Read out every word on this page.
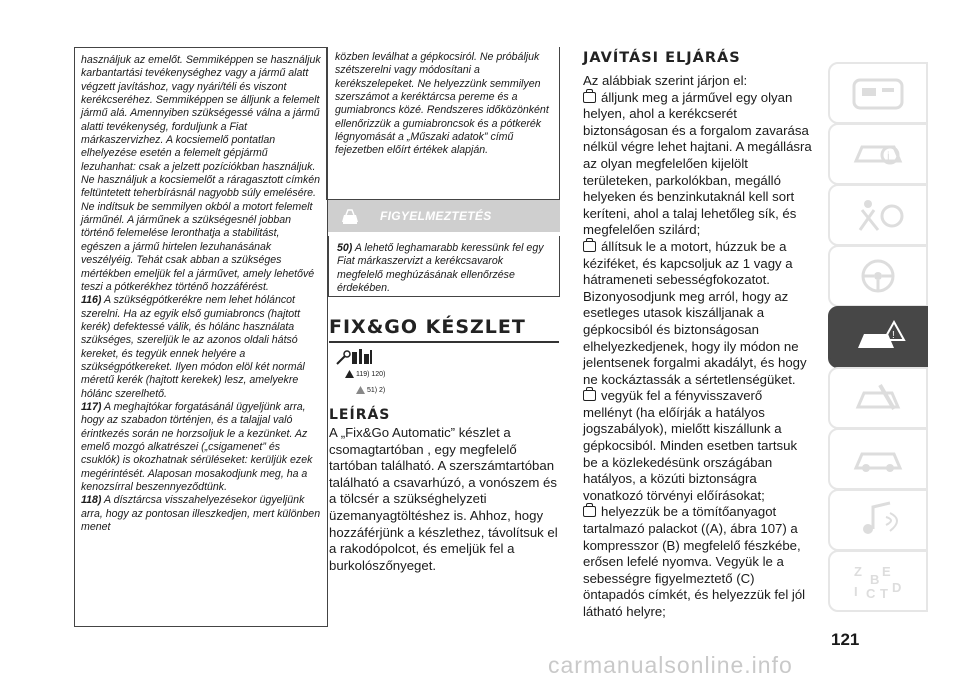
használjuk az emelőt. Semmiképpen se használjuk karbantartási tevékenységhez vagy a jármű alatt végzett javításhoz, vagy nyári/téli és viszont kerékcseréhez. Semmiképpen se álljunk a felemelt jármű alá. Amennyiben szükségessé válna a jármű alatti tevékenység, forduljunk a Fiat márkaszervizhez. A kocsiemelő pontatlan elhelyezése esetén a felemelt gépjármű lezuhanhat: csak a jelzett pozíciókban használjuk. Ne használjuk a kocsiemelőt a ráragasztott címkén feltüntetett teherbírásnál nagyobb súly emelésére. Ne indítsuk be semmilyen okból a motort felemelt járműnél. A járműnek a szükségesnél jobban történő felemelése leronthatja a stabilitást, egészen a jármű hirtelen lezuhanásának veszélyéig. Tehát csak abban a szükséges mértékben emeljük fel a járművet, amely lehetővé teszi a pótkerékhez történő hozzáférést.

116) A szükségpótkerékre nem lehet hóláncot szerelni. Ha az egyik első gumiabroncs (hajtott kerék) defektessé válik, és hólánc használata szükséges, szereljük le az azonos oldali hátsó kereket, és tegyük ennek helyére a szükségpótkereket. Ilyen módon elöl két normál méretű kerék (hajtott kerekek) lesz, amelyekre hólánc szerelhető.

117) A meghajtókar forgatásánál ügyeljünk arra, hogy az szabadon történjen, és a talajjal való érintkezés során ne horzsoljuk le a kezünket. Az emelő mozgó alkatrészei („csigamenet” és csuklók) is okozhatnak sérüléseket: kerüljük ezek megérintését. Alaposan mosakodjunk meg, ha a kenozsírral beszennyeződtünk.

118) A dísztárcsa visszahelyezésekor ügyeljünk arra, hogy az pontosan illeszkedjen, mert különben menet

közben leválhat a gépkocsiról. Ne próbáljuk szétszerelni vagy módosítani a kerékszelepeket. Ne helyezzünk semmilyen szerszámot a keréktárcsa pereme és a gumiabroncs közé. Rendszeres időközönként ellenőrizzük a gumiabroncsok és a pótkerék légnyomását a „Műszaki adatok” című fejezetben előírt értékek alapján.

FIGYELMEZTETÉS

50) A lehető leghamarabb keressünk fel egy Fiat márkaszervizt a kerékcsavarok megfelelő meghúzásának ellenőrzése érdekében.

FIX&GO KÉSZLET
119) 120)
51) 2)
LEÍRÁS

A „Fix&Go Automatic” készlet a csomagtartóban , egy megfelelő tartóban található. A szerszámtartóban található a csavarhúzó, a vonószem és a tölcsér a szükséghelyzeti üzemanyagtöltéshez is. Ahhoz, hogy hozzáférjünk a készlethez, távolítsuk el a rakodópolcot, és emeljük fel a burkolószőnyeget.

JAVÍTÁSI ELJÁRÁS

Az alábbiak szerint járjon el:

álljunk meg a járművel egy olyan helyen, ahol a kerékcserét biztonságosan és a forgalom zavarása nélkül végre lehet hajtani. A megállásra az olyan megfelelően kijelölt területeken, parkolókban, megálló helyeken és benzinkutaknál kell sort keríteni, ahol a talaj lehetőleg sík, és megfelelően szilárd;

állítsuk le a motort, húzzuk be a kéziféket, és kapcsoljuk az 1 vagy a hátrameneti sebességfokozatot. Bizonyosodjunk meg arról, hogy az esetleges utasok kiszálljanak a gépkocsiból és biztonságosan elhelyezkedjenek, hogy ily módon ne jelentsenek forgalmi akadályt, és hogy ne kockáztassák a sértetlenségüket.

vegyük fel a fényvisszaverő mellényt (ha előírják a hatályos jogszabályok), mielőtt kiszállunk a gépkocsiból. Minden esetben tartsuk be a közlekedésünk országában hatályos, a közúti biztonságra vonatkozó törvényi előírásokat;

helyezzük be a tömítőanyagot tartalmazó palackot ((A), ábra 107) a kompresszor (B) megfelelő fészkébe, erősen lefelé nyomva. Vegyük le a sebességre figyelmeztető (C) öntapadós címkét, és helyezzük fel jól látható helyre;

121
carmanualsonline.info
i
!
Z E
B
I C T D
